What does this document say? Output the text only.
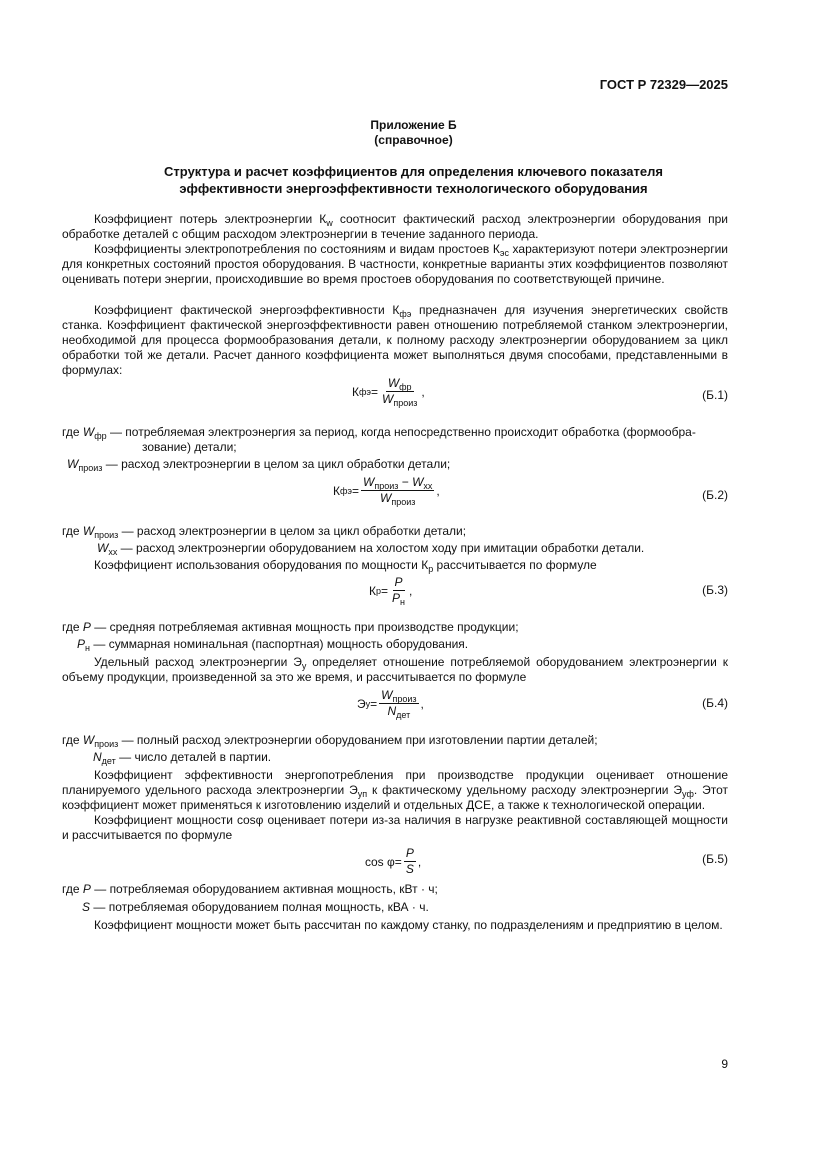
ГОСТ Р 72329—2025
Приложение Б
(справочное)
Структура и расчет коэффициентов для определения ключевого показателя
эффективности энергоэффективности технологического оборудования

Коэффициент потерь электроэнергии $К_w$ соотносит фактический расход электроэнергии оборудования при обработке деталей с общим расходом электроэнергии в течение заданного периода.

Коэффициенты электропотребления по состояниям и видам простоев $К_{эс}$ характеризуют потери электроэнергии для конкретных состояний простоя оборудования. В частности, конкретные варианты этих коэффициентов позволяют оценивать потери энергии, происходившие во время простоев оборудования по соответствующей причине.

Коэффициент фактической энергоэффективности $К_{фэ}$ предназначен для изучения энергетических свойств станка. Коэффициент фактической энергоэффективности равен отношению потребляемой станком электроэнергии, необходимой для процесса формообразования детали, к полному расходу электроэнергии оборудованием за цикл обработки той же детали. Расчет данного коэффициента может выполняться двумя способами, представленными в формулах:

К фэ = $\frac{W_{фр}}{W_{произ}}$ ,	(Б.1)
где $W_{фр}$ — потребляемая электроэнергия за период, когда непосредственно происходит обработка (формообра-
зование) детали;
$W_{произ}$ — расход электроэнергии в целом за цикл обработки детали;
К фэ = $\frac{W_{произ} - W_{хх}}{W_{произ}}$ ,	(Б.2)
где $W_{произ}$ — расход электроэнергии в целом за цикл обработки детали;
$W_{хх}$ — расход электроэнергии оборудованием на холостом ходу при имитации обработки детали.

Коэффициент использования оборудования по мощности $К_р$ рассчитывается по формуле

К $р = \frac{P}{P_н}$ ,	(Б.3)
где P — средняя потребляемая активная мощность при производстве продукции;
$P_н$ — суммарная номинальная (паспортная) мощность оборудования.

Удельный расход электроэнергии $Э_у$ определяет отношение потребляемой оборудованием электроэнергии к объему продукции, произведенной за это же время, и рассчитывается по формуле

Э $у = \frac{W_{произ}}{N_{дет}}$ ,	(Б.4)
где $W_{произ}$ — полный расход электроэнергии оборудованием при изготовлении партии деталей;
$N_{дет}$ — число деталей в партии.

Коэффициент эффективности энергопотребления при производстве продукции оценивает отношение планируемого удельного расхода электроэнергии $Э_{уп}$ к фактическому удельному расходу электроэнергии $Э_{уф}$. Этот коэффициент может применяться к изготовлению изделий и отдельных ДСЕ, а также к технологической операции.

Коэффициент мощности cosφ оценивает потери из-за наличия в нагрузке реактивной составляющей мощности и рассчитывается по формуле

$\cos \varphi = \frac{P}{S}$ ,	(Б.5)
где P — потребляемая оборудованием активная мощность, кВт · ч;
S — потребляемая оборудованием полная мощность, кВА · ч.

Коэффициент мощности может быть рассчитан по каждому станку, по подразделениям и предприятию в целом.

9
